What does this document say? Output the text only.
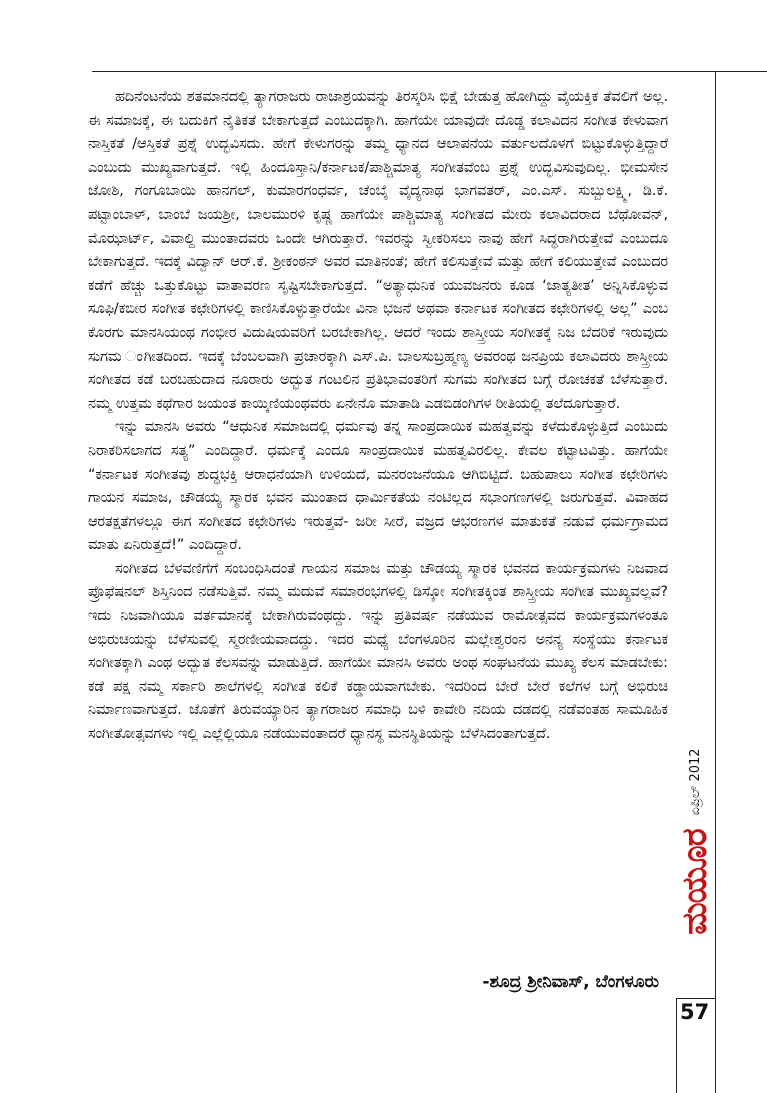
ಹದಿನೆಂಟನೆಯ ಶತಮಾನದಲ್ಲಿ ತ್ಯಾಗರಾಜರು ರಾಜಾಶ್ರಯವನ್ನು ತಿರಸ್ಕರಿಸಿ ಭಿಕ್ಷೆ ಬೇಡುತ್ತ ಹೋಗಿದ್ದು ವೈಯಕ್ತಿಕ ತೆವಲಿಗೆ ಅಲ್ಲ. ಈ ಸಮಾಜಕ್ಕೆ, ಈ ಬದುಕಿಗೆ ನೈತಿಕತೆ ಬೇಕಾಗುತ್ತದೆ ಎಂಬುದಕ್ಕಾಗಿ. ಹಾಗೆಯೇ ಯಾವುದೇ ದೊಡ್ಡ ಕಲಾವಿದನ ಸಂಗೀತ ಕೇಳುವಾಗ ನಾಸ್ತಿಕತೆ /ಆಸ್ತಿಕತೆ ಪ್ರಶ್ನೆ ಉದ್ಭವಿಸದು. ಹೇಗೆ ಕೇಳುಗರನ್ನು ತಮ್ಮ ಧ್ಯಾನದ ಆಲಾಪನೆಯ ವರ್ತುಲದೊಳಗೆ ಬಿಟ್ಟುಕೊಳ್ಳುತ್ತಿದ್ದಾರೆ ಎಂಬುದು ಮುಖ್ಯವಾಗುತ್ತದೆ. ಇಲ್ಲಿ ಹಿಂದೂಸ್ತಾನಿ/ಕರ್ನಾಟಕ/ಪಾಶ್ಚಿಮಾತ್ಯ ಸಂಗೀತವೆಂಬ ಪ್ರಶ್ನೆ ಉದ್ಭವಿಸುವುದಿಲ್ಲ. ಭೀಮಸೇನ ಜೋಶಿ, ಗಂಗೂಬಾಯಿ ಹಾನಗಲ್, ಕುಮಾರಗಂಧರ್ವ, ಚೆಂಬೈ ವೈದ್ಯನಾಥ ಭಾಗವತರ್, ಎಂ.ಎಸ್. ಸುಬ್ಬುಲಕ್ಷ್ಮಿ, ಡಿ.ಕೆ. ಪಟ್ಟಾಂಬಾಳ್, ಬಾಂಬೆ ಜಯಶ್ರೀ, ಬಾಲಮುರಳಿ ಕೃಷ್ಣ ಹಾಗೆಯೇ ಪಾಶ್ಚಿಮಾತ್ಯ ಸಂಗೀತದ ಮೇರು ಕಲಾವಿದರಾದ ಬೆಥೋವನ್, ಮೊಝಾರ್ಟ್, ವಿವಾಲ್ದಿ ಮುಂತಾದವರು ಒಂದೇ ಆಗಿರುತ್ತಾರೆ. ಇವರನ್ನು ಸ್ವೀಕರಿಸಲು ನಾವು ಹೇಗೆ ಸಿದ್ಧರಾಗಿರುತ್ತೇವೆ ಎಂಬುದೂ ಬೇಕಾಗುತ್ತದೆ. ಇದಕ್ಕೆ ವಿದ್ವಾನ್ ಆರ್.ಕೆ. ಶ್ರೀಕಂಠನ್ ಅವರ ಮಾತಿನಂತೆ; ಹೇಗೆ ಕಲಿಸುತ್ತೇವೆ ಮತ್ತು ಹೇಗೆ ಕಲಿಯುತ್ತೇವೆ ಎಂಬುದರ ಕಡೆಗೆ ಹೆಚ್ಚು ಒತ್ತುಕೊಟ್ಟು ವಾತಾವರಣ ಸೃಷ್ಟಿಸಬೇಕಾಗುತ್ತದೆ. “ಅತ್ಯಾಧುನಿಕ ಯುವಜನರು ಕೂಡ ‘ಜಾತ್ಯತೀತ’ ಅನ್ನಿಸಿಕೊಳ್ಳುವ ಸೂಫಿ/ಕಬೀರ ಸಂಗೀತ ಕಛೇರಿಗಳಲ್ಲಿ ಕಾಣಿಸಿಕೊಳ್ಳುತ್ತಾರೆಯೇ ವಿನಾ ಭಜನೆ ಅಥವಾ ಕರ್ನಾಟಕ ಸಂಗೀತದ ಕಛೇರಿಗಳಲ್ಲಿ ಅಲ್ಲ” ಎಂಬ ಕೊರಗು ಮಾನಸಿಯಂಥ ಗಂಭೀರ ವಿದುಷಿಯವರಿಗೆ ಬರಬೇಕಾಗಿಲ್ಲ. ಆದರೆ ಇಂದು ಶಾಸ್ತ್ರೀಯ ಸಂಗೀತಕ್ಕೆ ನಿಜ ಬೆದರಿಕೆ ಇರುವುದು ಸುಗಮ ಂಗೀತದಿಂದ. ಇದಕ್ಕೆ ಬೆಂಬಲವಾಗಿ ಪ್ರಚಾರಕ್ಕಾಗಿ ಎಸ್.ಪಿ. ಬಾಲಸುಬ್ರಹ್ಮಣ್ಯ ಅವರಂಥ ಜನಪ್ರಿಯ ಕಲಾವಿದರು ಶಾಸ್ತ್ರೀಯ ಸಂಗೀತದ ಕಡೆ ಬರಬಹುದಾದ ನೂರಾರು ಅದ್ಭುತ ಗಂಟಲಿನ ಪ್ರತಿಭಾವಂತರಿಗೆ ಸುಗಮ ಸಂಗೀತದ ಬಗ್ಗೆ ರೋಚಕತೆ ಬೆಳೆಸುತ್ತಾರೆ. ನಮ್ಮ ಉತ್ತಮ ಕಥೆಗಾರ ಜಯಂತ ಕಾಯ್ಕಿಣಿಯಂಥವರು ಏನೇನೊ ಮಾತಾಡಿ ಎಡಬಿಡಂಗಿಗಳ ರೀತಿಯಲ್ಲಿ ತಲೆದೂಗುತ್ತಾರೆ.

ಇನ್ನು ಮಾನಸಿ ಅವರು “ಆಧುನಿಕ ಸಮಾಜದಲ್ಲಿ ಧರ್ಮವು ತನ್ನ ಸಾಂಪ್ರದಾಯಿಕ ಮಹತ್ವವನ್ನು ಕಳೆದುಕೊಳ್ಳುತ್ತಿದೆ ಎಂಬುದು ನಿರಾಕರಿಸಲಾಗದ ಸತ್ಯ” ಎಂದಿದ್ದಾರೆ. ಧರ್ಮಕ್ಕೆ ಎಂದೂ ಸಾಂಪ್ರದಾಯಿಕ ಮಹತ್ವವಿರಲಿಲ್ಲ. ಕೇವಲ ಕಟ್ಟಾಟವಿತ್ತು. ಹಾಗೆಯೇ “ಕರ್ನಾಟಕ ಸಂಗೀತವು ಶುದ್ಧಭಕ್ತಿ ಆರಾಧನೆಯಾಗಿ ಉಳಿಯದೆ, ಮನರಂಜನೆಯೂ ಆಗಿಬಿಟ್ಟಿದೆ. ಬಹುಪಾಲು ಸಂಗೀತ ಕಛೇರಿಗಳು ಗಾಯನ ಸಮಾಜ, ಚೌಡಯ್ಯ ಸ್ಮಾರಕ ಭವನ ಮುಂತಾದ ಧಾರ್ಮಿಕತೆಯ ನಂಟಿಲ್ಲದ ಸಭಾಂಗಣಗಳಲ್ಲಿ ಜರುಗುತ್ತವೆ. ವಿವಾಹದ ಆರತಕ್ಷತೆಗಳಲ್ಲೂ ಈಗ ಸಂಗೀತದ ಕಛೇರಿಗಳು ಇರುತ್ತವೆ- ಜರೀ ಸೀರೆ, ವಜ್ರದ ಆಭರಣಗಳ ಮಾತುಕತೆ ನಡುವೆ ಧರ್ಮಗ್ರಾಮದ ಮಾತು ಏನಿರುತ್ತದೆ!” ಎಂದಿದ್ದಾರೆ.

ಸಂಗೀತದ ಬೆಳವಣಿಗೆಗೆ ಸಂಬಂಧಿಸಿದಂತೆ ಗಾಯನ ಸಮಾಜ ಮತ್ತು ಚೌಡಯ್ಯ ಸ್ಮಾರಕ ಭವನದ ಕಾರ್ಯಕ್ರಮಗಳು ನಿಜವಾದ ಪ್ರೊಫೆಷನಲ್ ಶಿಸ್ತಿನಿಂದ ನಡೆಸುತ್ತಿವೆ. ನಮ್ಮ ಮದುವೆ ಸಮಾರಂಭಗಳಲ್ಲಿ ಡಿಸ್ಕೋ ಸಂಗೀತಕ್ಕಿಂತ ಶಾಸ್ತ್ರೀಯ ಸಂಗೀತ ಮುಖ್ಯವಲ್ಲವೆ? ಇದು ನಿಜವಾಗಿಯೂ ವರ್ತಮಾನಕ್ಕೆ ಬೇಕಾಗಿರುವಂಥದ್ದು. ಇನ್ನು ಪ್ರತಿವರ್ಷ ನಡೆಯುವ ರಾಮೋತ್ಸವದ ಕಾರ್ಯಕ್ರಮಗಳಂತೂ ಅಭಿರುಚಿಯನ್ನು ಬೆಳೆಸುವಲ್ಲಿ ಸ್ಮರಣೀಯವಾದದ್ದು. ಇದರ ಮಧ್ಯೆ ಬೆಂಗಳೂರಿನ ಮಲ್ಲೇಶ್ವರಂನ ಅನನ್ಯ ಸಂಸ್ಥೆಯು ಕರ್ನಾಟಕ ಸಂಗೀತಕ್ಕಾಗಿ ಎಂಥ ಅದ್ಭುತ ಕೆಲಸವನ್ನು ಮಾಡುತ್ತಿದೆ. ಹಾಗೆಯೇ ಮಾನಸಿ ಅವರು ಅಂಥ ಸಂಘಟನೆಯ ಮುಖ್ಯ ಕೆಲಸ ಮಾಡಬೇಕು: ಕಡೆ ಪಕ್ಷ ನಮ್ಮ ಸರ್ಕಾರಿ ಶಾಲೆಗಳಲ್ಲಿ ಸಂಗೀತ ಕಲಿಕೆ ಕಡ್ಡಾಯವಾಗಬೇಕು. ಇದರಿಂದ ಬೇರೆ ಬೇರೆ ಕಲೆಗಳ ಬಗ್ಗೆ ಅಭಿರುಚಿ ನಿರ್ಮಾಣವಾಗುತ್ತದೆ. ಜೊತೆಗೆ ತಿರುವಯ್ಯಾರಿನ ತ್ಯಾಗರಾಜರ ಸಮಾಧಿ ಬಳಿ ಕಾವೇರಿ ನದಿಯ ದಡದಲ್ಲಿ ನಡೆವಂತಹ ಸಾಮೂಹಿಕ ಸಂಗೀತೋತ್ಸವಗಳು ಇಲ್ಲಿ ಎಲ್ಲೆಲ್ಲಿಯೂ ನಡೆಯುವಂತಾದರೆ ಧ್ಯಾನಸ್ಥ ಮನಸ್ಥಿತಿಯನ್ನು ಬೆಳೆಸಿದಂತಾಗುತ್ತದೆ.

-ಶೂದ್ರ ಶ್ರೀನಿವಾಸ್, ಬೆಂಗಳೂರು
ಏಪ್ರಿಲ್ 2012
ಮಯೂರ
57
